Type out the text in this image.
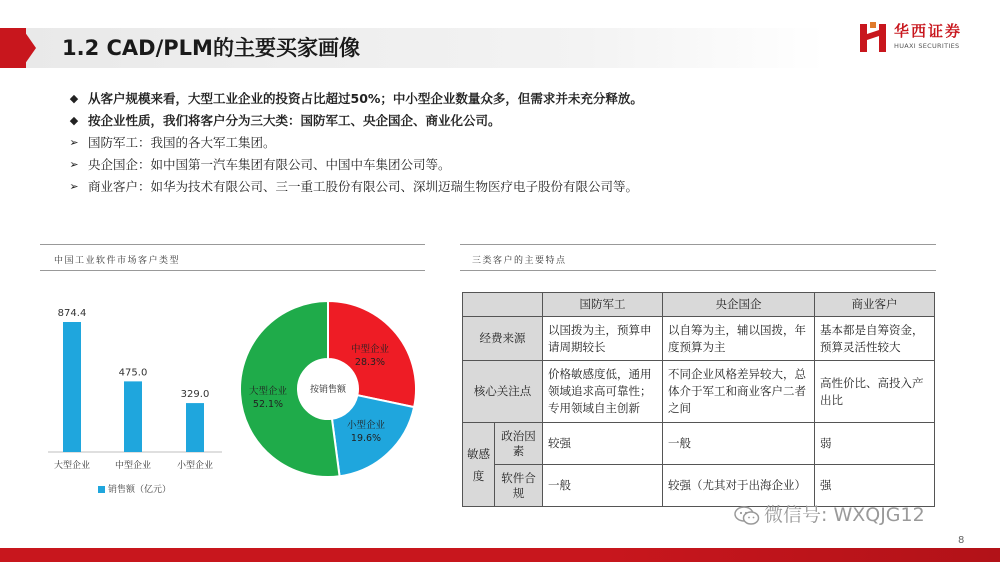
1.2 CAD/PLM的主要买家画像
华西证券
HUAXI SECURITIES
◆ 从客户规模来看，大型工业企业的投资占比超过50%；中小型企业数量众多，但需求并未充分释放。
◆ 按企业性质，我们将客户分为三大类：国防军工、央企国企、商业化公司。
➢ 国防军工：我国的各大军工集团。
➢ 央企国企：如中国第一汽车集团有限公司、中国中车集团公司等。
➢ 商业客户：如华为技术有限公司、三一重工股份有限公司、深圳迈瑞生物医疗电子股份有限公司等。
中国工业软件市场客户类型
874.4
大型企业
475.0
中型企业
329.0
小型企业
销售额（亿元）
中型企业
28.3%
小型企业
19.6%
大型企业
52.1%
按销售额
三类客户的主要特点
		国防军工	央企国企	商业客户
经费来源		以国拨为主，预算申请周期较长	以自筹为主，辅以国拨，年度预算为主	基本都是自筹资金，预算灵活性较大
核心关注点		价格敏感度低，通用领域追求高可靠性；专用领域自主创新	不同企业风格差异较大，总体介于军工和商业客户二者之间	高性价比、高投入产出比
敏感度	政治因素	较强	一般	弱
	软件合规	一般	较强（尤其对于出海企业）	强
微信号: WXQJG12
8
